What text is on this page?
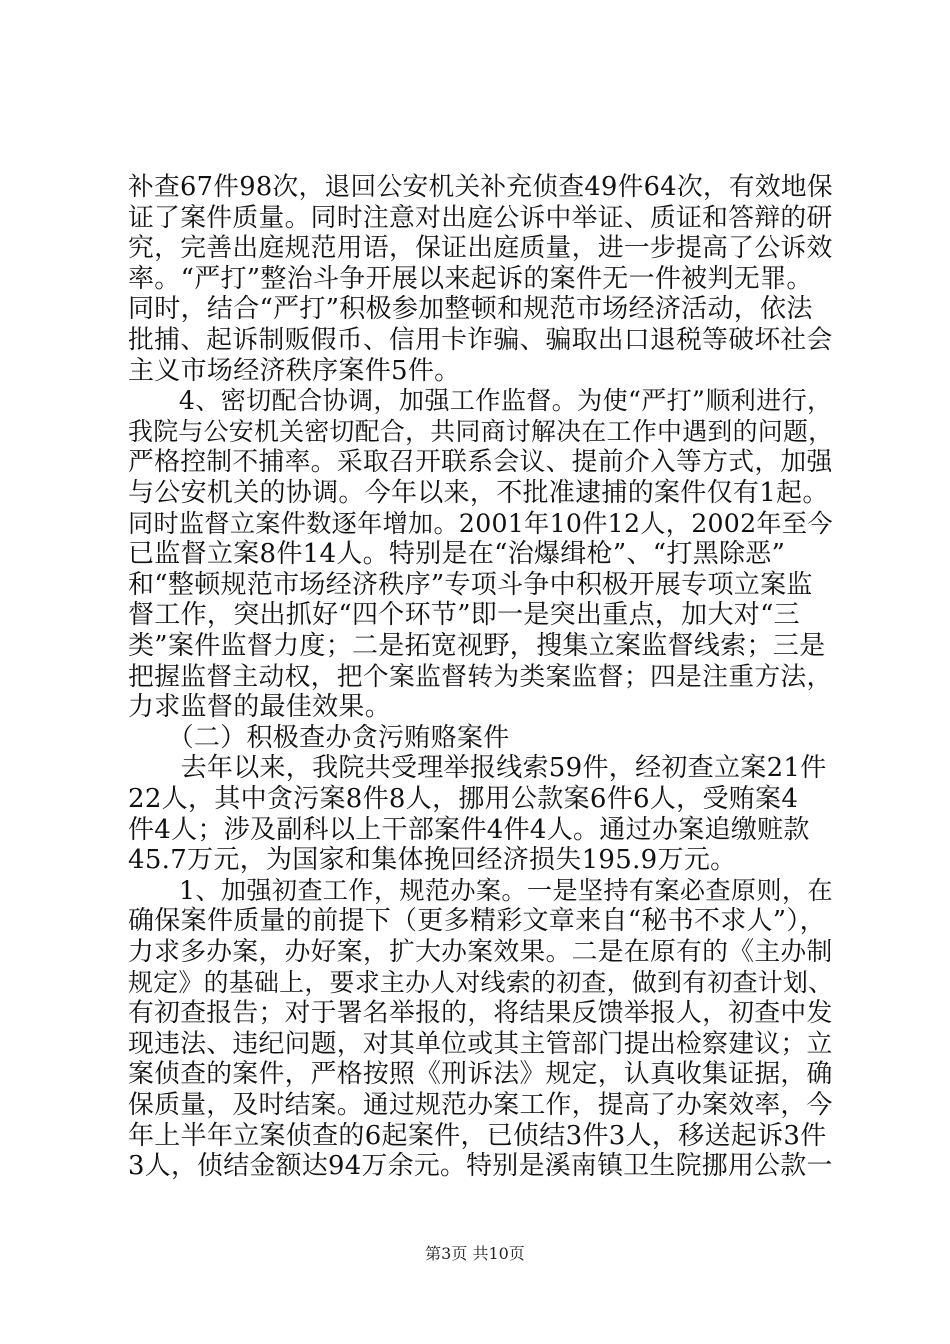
补查67件98次，退回公安机关补充侦查49件64次，有效地保
证了案件质量。同时注意对出庭公诉中举证、质证和答辩的研
究，完善出庭规范用语，保证出庭质量，进一步提高了公诉效
率。“严打”整治斗争开展以来起诉的案件无一件被判无罪。
同时，结合“严打”积极参加整顿和规范市场经济活动，依法
批捕、起诉制贩假币、信用卡诈骗、骗取出口退税等破坏社会
主义市场经济秩序案件5件。
　　4、密切配合协调，加强工作监督。为使“严打”顺利进行，
我院与公安机关密切配合，共同商讨解决在工作中遇到的问题，
严格控制不捕率。采取召开联系会议、提前介入等方式，加强
与公安机关的协调。今年以来，不批准逮捕的案件仅有1起。
同时监督立案件数逐年增加。2001年10件12人，2002年至今
已监督立案8件14人。特别是在“治爆缉枪”、“打黑除恶”
和“整顿规范市场经济秩序”专项斗争中积极开展专项立案监
督工作，突出抓好“四个环节”即一是突出重点，加大对“三
类”案件监督力度；二是拓宽视野，搜集立案监督线索；三是
把握监督主动权，把个案监督转为类案监督；四是注重方法，
力求监督的最佳效果。
　　（二）积极查办贪污贿赂案件
　　去年以来，我院共受理举报线索59件，经初查立案21件
22人，其中贪污案8件8人，挪用公款案6件6人，受贿案4
件4人；涉及副科以上干部案件4件4人。通过办案追缴赃款
45.7万元，为国家和集体挽回经济损失195.9万元。
　　1、加强初查工作，规范办案。一是坚持有案必查原则，在
确保案件质量的前提下（更多精彩文章来自“秘书不求人”），
力求多办案，办好案，扩大办案效果。二是在原有的《主办制
规定》的基础上，要求主办人对线索的初查，做到有初查计划、
有初查报告；对于署名举报的，将结果反馈举报人，初查中发
现违法、违纪问题，对其单位或其主管部门提出检察建议；立
案侦查的案件，严格按照《刑诉法》规定，认真收集证据，确
保质量，及时结案。通过规范办案工作，提高了办案效率，今
年上半年立案侦查的6起案件，已侦结3件3人，移送起诉3件
3人，侦结金额达94万余元。特别是溪南镇卫生院挪用公款一
第3页 共10页
